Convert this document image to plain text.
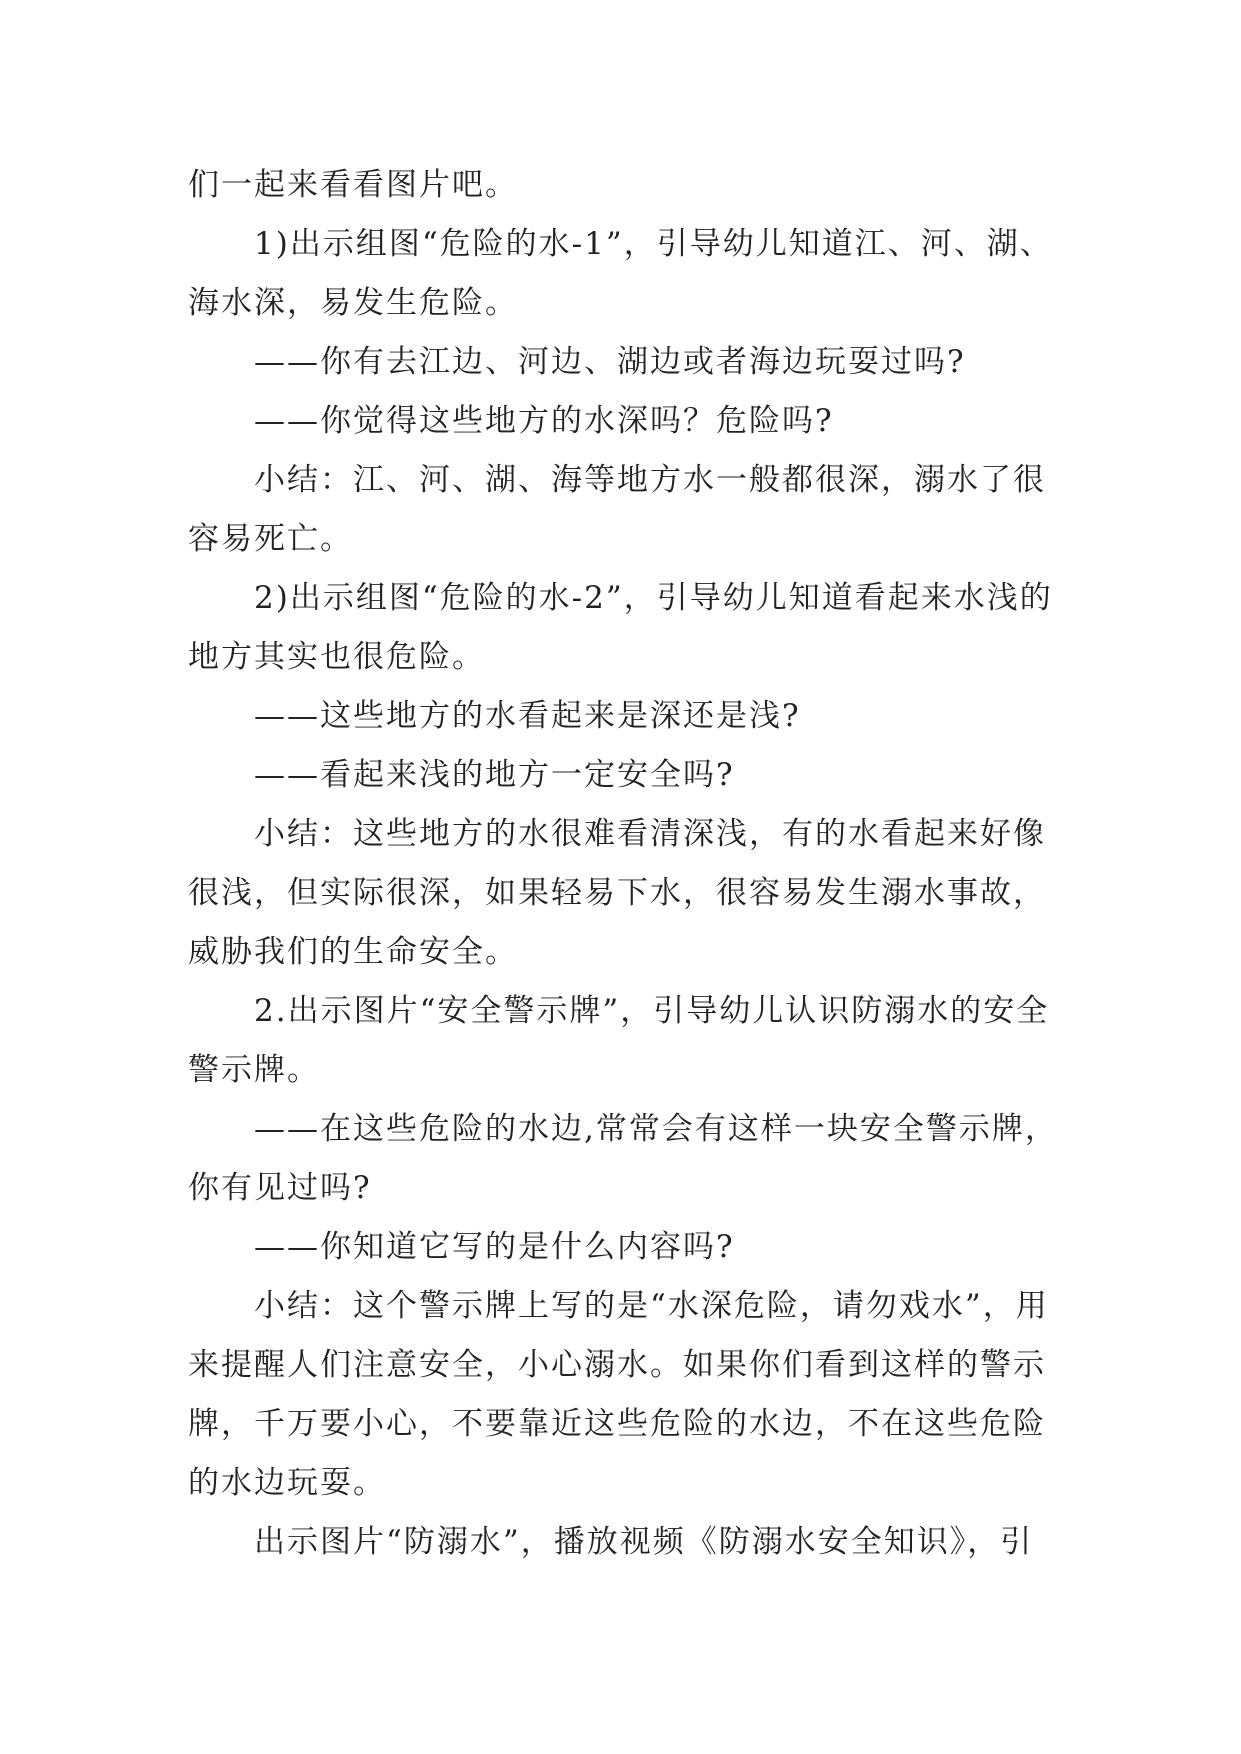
们一起来看看图片吧。

1)出示组图“危险的水-1”，引导幼儿知道江、河、湖、海水深，易发生危险。

——你有去江边、河边、湖边或者海边玩耍过吗?

——你觉得这些地方的水深吗？危险吗?

小结：江、河、湖、海等地方水一般都很深，溺水了很容易死亡。

2)出示组图“危险的水-2”，引导幼儿知道看起来水浅的地方其实也很危险。

——这些地方的水看起来是深还是浅?

——看起来浅的地方一定安全吗?

小结：这些地方的水很难看清深浅，有的水看起来好像很浅，但实际很深，如果轻易下水，很容易发生溺水事故，威胁我们的生命安全。

2.出示图片“安全警示牌”，引导幼儿认识防溺水的安全警示牌。

——在这些危险的水边,常常会有这样一块安全警示牌，你有见过吗?

——你知道它写的是什么内容吗?

小结：这个警示牌上写的是“水深危险，请勿戏水”，用来提醒人们注意安全，小心溺水。如果你们看到这样的警示牌，千万要小心，不要靠近这些危险的水边，不在这些危险的水边玩耍。

出示图片“防溺水”，播放视频《防溺水安全知识》，引
